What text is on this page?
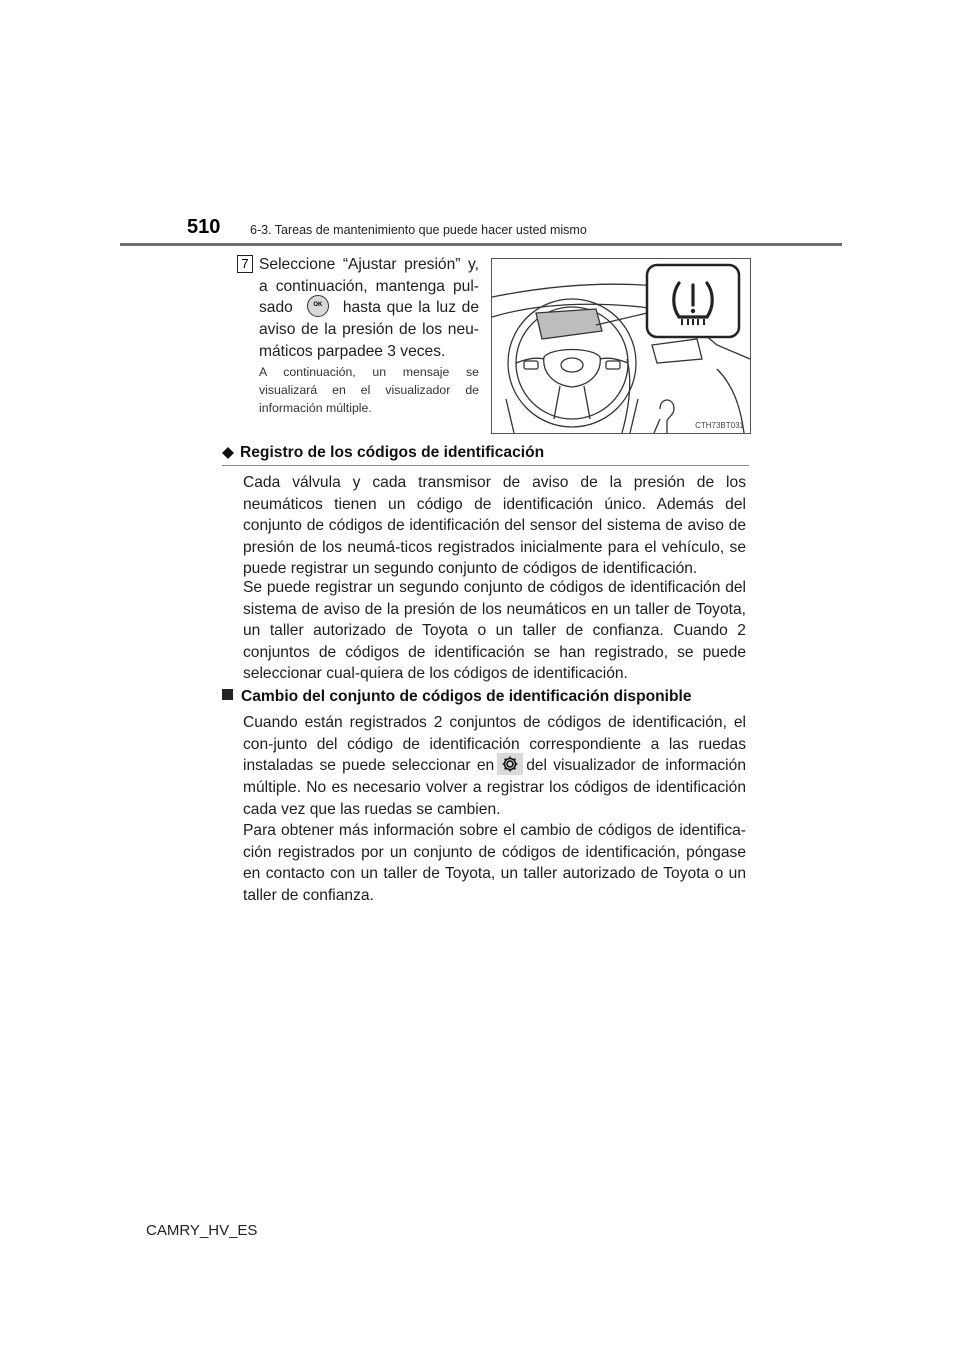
510 6-3. Tareas de mantenimiento que puede hacer usted mismo
7 Seleccione “Ajustar presión” y, a continuación, mantenga pul-sado	OK	hasta que la luz de aviso de la presión de los neu-máticos parpadee 3 veces.
A continuación, un mensaje se visualizará en el visualizador de información múltiple.
CTH73BT031
◆ Registro de los códigos de identificación
Cada válvula y cada transmisor de aviso de la presión de los neumáticos tienen un código de identificación único. Además del conjunto de códigos de identificación del sensor del sistema de aviso de presión de los neumá-ticos registrados inicialmente para el vehículo, se puede registrar un segundo conjunto de códigos de identificación.
Se puede registrar un segundo conjunto de códigos de identificación del sistema de aviso de la presión de los neumáticos en un taller de Toyota, un taller autorizado de Toyota o un taller de confianza. Cuando 2 conjuntos de códigos de identificación se han registrado, se puede seleccionar cual-quiera de los códigos de identificación.
Cambio del conjunto de códigos de identificación disponible
Cuando están registrados 2 conjuntos de códigos de identificación, el con-junto del código de identificación correspondiente a las ruedas instaladas se puede seleccionar en del visualizador de información múltiple. No es necesario volver a registrar los códigos de identificación cada vez que las ruedas se cambien.
Para obtener más información sobre el cambio de códigos de identifica-ción registrados por un conjunto de códigos de identificación, póngase en contacto con un taller de Toyota, un taller autorizado de Toyota o un taller de confianza.
CAMRY_HV_ES
